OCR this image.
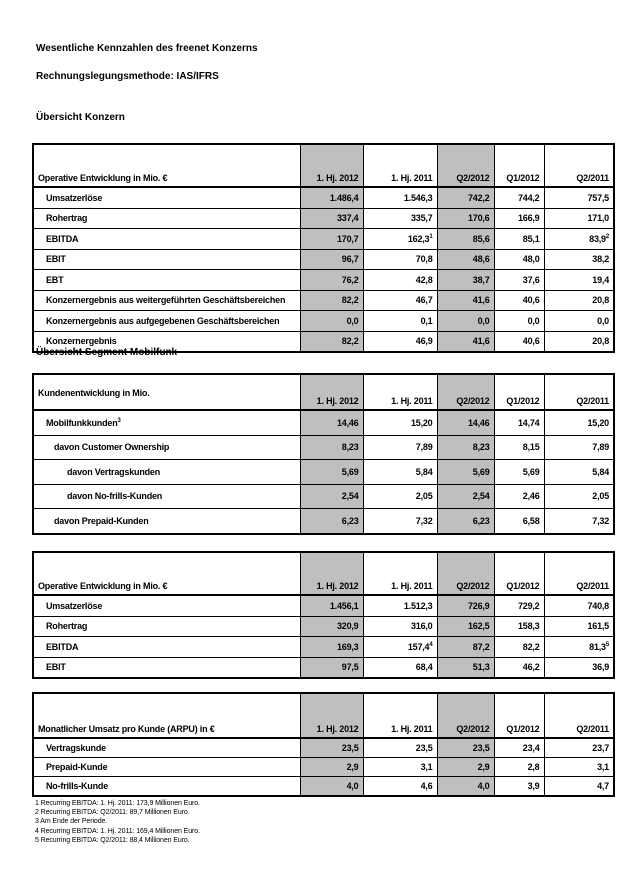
Wesentliche Kennzahlen des freenet Konzerns
Rechnungslegungsmethode: IAS/IFRS
Übersicht Konzern
Operative Entwicklung in Mio. €	1. Hj. 2012	1. Hj. 2011	Q2/2012	Q1/2012	Q2/2011
Umsatzerlöse	1.486,4	1.546,3	742,2	744,2	757,5
Rohertrag	337,4	335,7	170,6	166,9	171,0
EBITDA	170,7	162,3$^1$	85,6	85,1	83,9$^2$
EBIT	96,7	70,8	48,6	48,0	38,2
EBT	76,2	42,8	38,7	37,6	19,4
Konzernergebnis aus weitergeführten Geschäftsbereichen	82,2	46,7	41,6	40,6	20,8
Konzernergebnis aus aufgegebenen Geschäftsbereichen	0,0	0,1	0,0	0,0	0,0
Konzernergebnis	82,2	46,9	41,6	40,6	20,8
Übersicht Segment Mobilfunk
Kundenentwicklung in Mio.	1. Hj. 2012	1. Hj. 2011	Q2/2012	Q1/2012	Q2/2011
Mobilfunkkunden$^3$	14,46	15,20	14,46	14,74	15,20
davon Customer Ownership	8,23	7,89	8,23	8,15	7,89
davon Vertragskunden	5,69	5,84	5,69	5,69	5,84
davon No-frills-Kunden	2,54	2,05	2,54	2,46	2,05
davon Prepaid-Kunden	6,23	7,32	6,23	6,58	7,32
Operative Entwicklung in Mio. €	1. Hj. 2012	1. Hj. 2011	Q2/2012	Q1/2012	Q2/2011
Umsatzerlöse	1.456,1	1.512,3	726,9	729,2	740,8
Rohertrag	320,9	316,0	162,5	158,3	161,5
EBITDA	169,3	157,4$^4$	87,2	82,2	81,3$^5$
EBIT	97,5	68,4	51,3	46,2	36,9
Monatlicher Umsatz pro Kunde (ARPU) in €	1. Hj. 2012	1. Hj. 2011	Q2/2012	Q1/2012	Q2/2011
Vertragskunde	23,5	23,5	23,5	23,4	23,7
Prepaid-Kunde	2,9	3,1	2,9	2,8	3,1
No-frills-Kunde	4,0	4,6	4,0	3,9	4,7
1 Recurring EBITDA: 1. Hj. 2011: 173,9 Millionen Euro.
2 Recurring EBITDA: Q2/2011: 89,7 Millionen Euro.
3 Am Ende der Periode.
4 Recurring EBITDA: 1. Hj. 2011: 169,4 Millionen Euro.
5 Recurring EBITDA: Q2/2011: 88,4 Millionen Euro.
